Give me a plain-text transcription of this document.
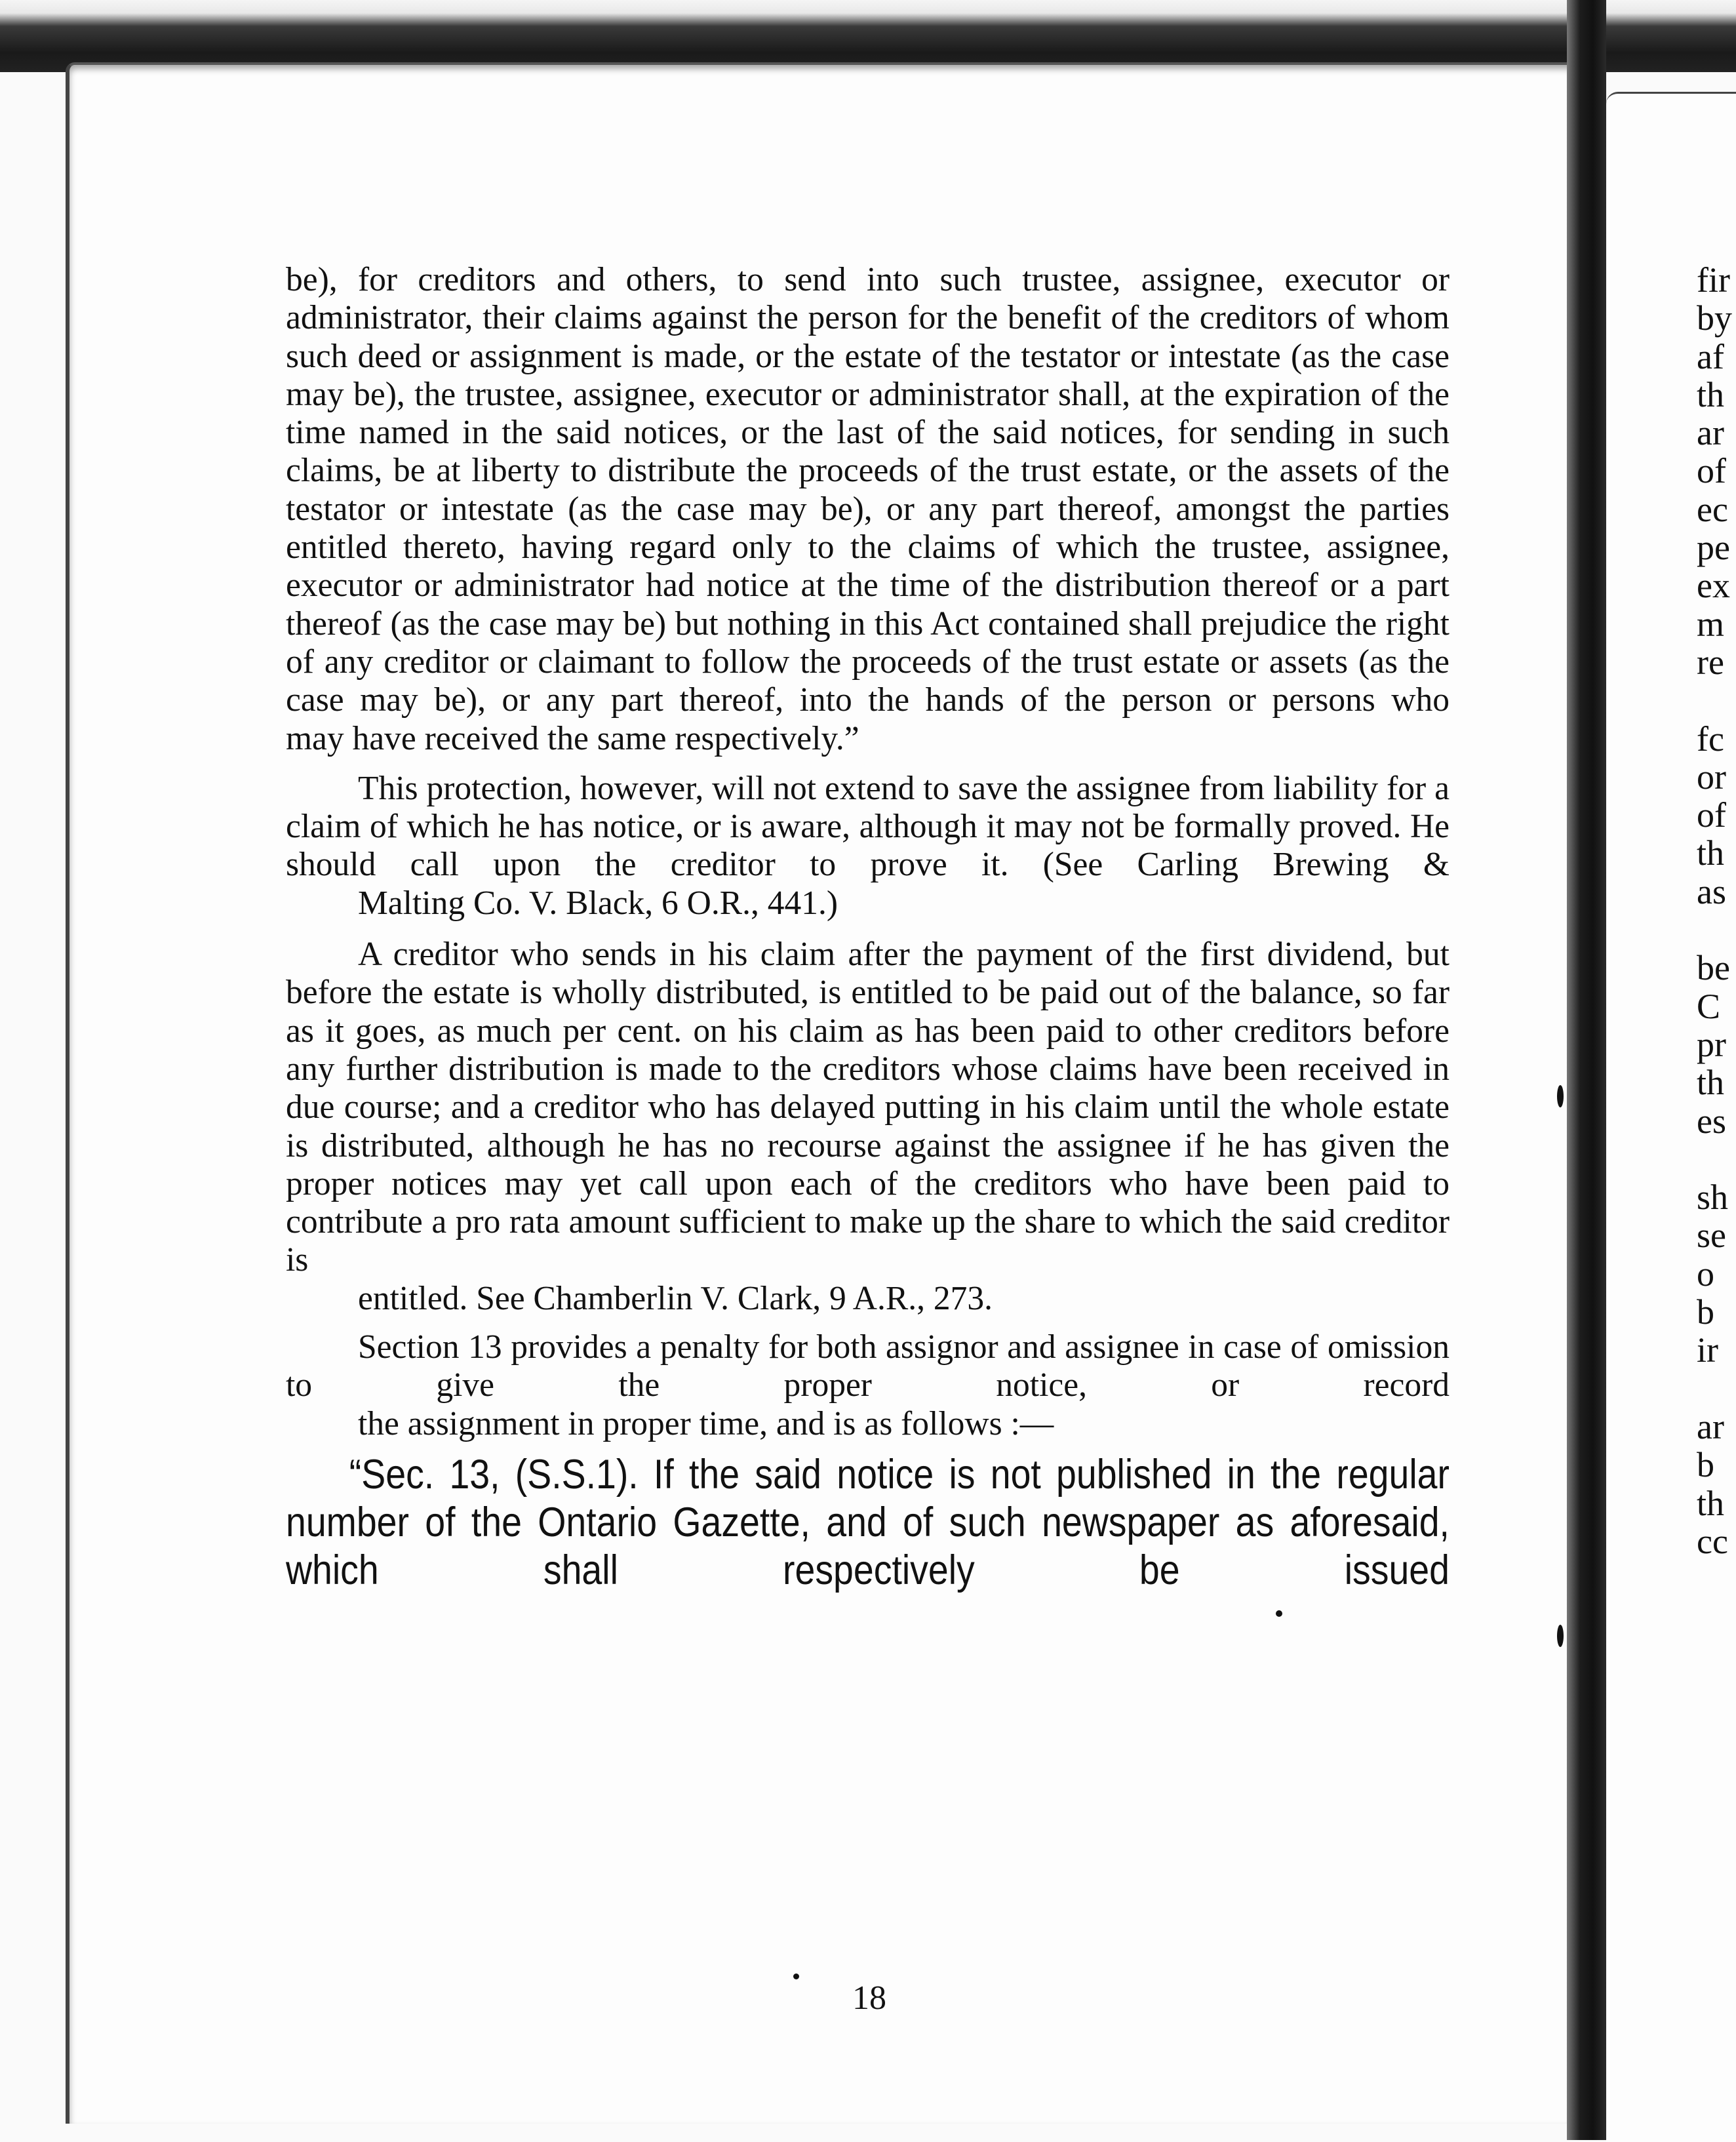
be), for creditors and others, to send into such trustee, assignee, executor or administrator, their claims against the person for the benefit of the creditors of whom such deed or assignment is made, or the estate of the testator or intestate (as the case may be), the trustee, assignee, executor or administrator shall, at the expiration of the time named in the said notices, or the last of the said notices, for sending in such claims, be at liberty to distribute the proceeds of the trust estate, or the assets of the testator or intestate (as the case may be), or any part thereof, amongst the parties entitled thereto, having regard only to the claims of which the trustee, assignee, executor or administrator had notice at the time of the distribution thereof or a part thereof (as the case may be) but nothing in this Act contained shall prejudice the right of any creditor or claimant to follow the proceeds of the trust estate or assets (as the case may be), or any part thereof, into the hands of the person or persons who
may have received the same respectively.”

This protection, however, will not extend to save the assignee from liability for a claim of which he has notice, or is aware, although it may not be formally proved. He should call upon the creditor to prove it. (See Carling Brewing &
Malting Co. V. Black, 6 O.R., 441.)

A creditor who sends in his claim after the payment of the first dividend, but before the estate is wholly distributed, is entitled to be paid out of the balance, so far as it goes, as much per cent. on his claim as has been paid to other creditors before any further distribution is made to the creditors whose claims have been received in due course; and a creditor who has delayed putting in his claim until the whole estate is distributed, although he has no recourse against the assignee if he has given the proper notices may yet call upon each of the creditors who have been paid to contribute a pro rata amount sufficient to make up the share to which the said creditor is
entitled. See Chamberlin V. Clark, 9 A.R., 273.

Section 13 provides a penalty for both assignor and assignee in case of omission to give the proper notice, or record
the assignment in proper time, and is as follows :—

“Sec. 13, (S.S.1). If the said notice is not published in the regular number of the Ontario Gazette, and of such newspaper as aforesaid, which shall respectively be issued

18
fir
by
af
th
ar
of
ec
pe
ex
m
re
fc
or
of
th
as
be
C
pr
th
es
sh
se
o
b
ir
ar
b
th
cc
